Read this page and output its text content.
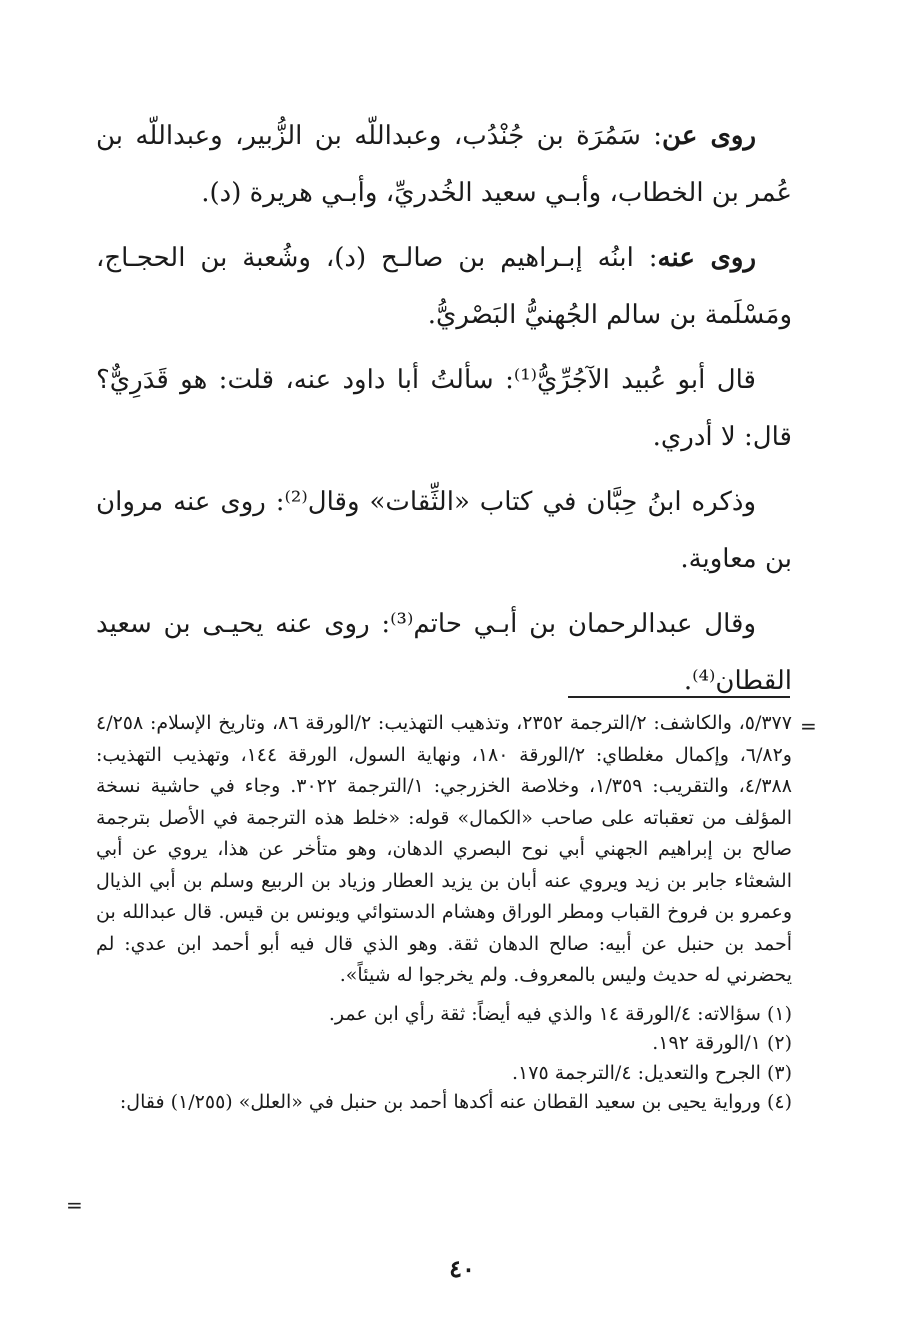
روى عن: سَمُرَة بن جُنْدُب، وعبداللّه بن الزُّبير، وعبداللّه بن عُمر بن الخطاب، وأبـي سعيد الخُدريِّ، وأبـي هريرة (د).

روى عنه: ابنُه إبـراهيم بن صالـح (د)، وشُعبة بن الحجـاج، ومَسْلَمة بن سالم الجُهنيُّ البَصْريُّ.

قال أبو عُبيد الآجُرِّيُّ⁽¹⁾: سألتُ أبا داود عنه، قلت: هو قَدَرِيٌّ؟ قال: لا أدري.

وذكره ابنُ حِبَّان في كتاب «الثِّقات» وقال⁽²⁾: روى عنه مروان بن معاوية.

وقال عبدالرحمان بن أبـي حاتم⁽³⁾: روى عنه يحيـى بن سعيد القطان⁽⁴⁾.

=

٥/٣٧٧، والكاشف: ٢/الترجمة ٢٣٥٢، وتذهيب التهذيب: ٢/الورقة ٨٦، وتاريخ الإسلام: ٤/٢٥٨ و٦/٨٢، وإكمال مغلطاي: ٢/الورقة ١٨٠، ونهاية السول، الورقة ١٤٤، وتهذيب التهذيب: ٤/٣٨٨، والتقريب: ١/٣٥٩، وخلاصة الخزرجي: ١/الترجمة ٣٠٢٢. وجاء في حاشية نسخة المؤلف من تعقباته على صاحب «الكمال» قوله: «خلط هذه الترجمة في الأصل بترجمة صالح بن إبراهيم الجهني أبي نوح البصري الدهان، وهو متأخر عن هذا، يروي عن أبي الشعثاء جابر بن زيد ويروي عنه أبان بن يزيد العطار وزياد بن الربيع وسلم بن أبي الذيال وعمرو بن فروخ القباب ومطر الوراق وهشام الدستوائي ويونس بن قيس. قال عبدالله بن أحمد بن حنبل عن أبيه: صالح الدهان ثقة. وهو الذي قال فيه أبو أحمد ابن عدي: لم يحضرني له حديث وليس بالمعروف. ولم يخرجوا له شيئاً».

(١) سؤالاته: ٤/الورقة ١٤ والذي فيه أيضاً: ثقة رأي ابن عمر.

(٢) ١/الورقة ١٩٢.

(٣) الجرح والتعديل: ٤/الترجمة ١٧٥.

(٤) ورواية يحيى بن سعيد القطان عنه أكدها أحمد بن حنبل في «العلل» (١/٢٥٥) فقال:

=
٤٠
